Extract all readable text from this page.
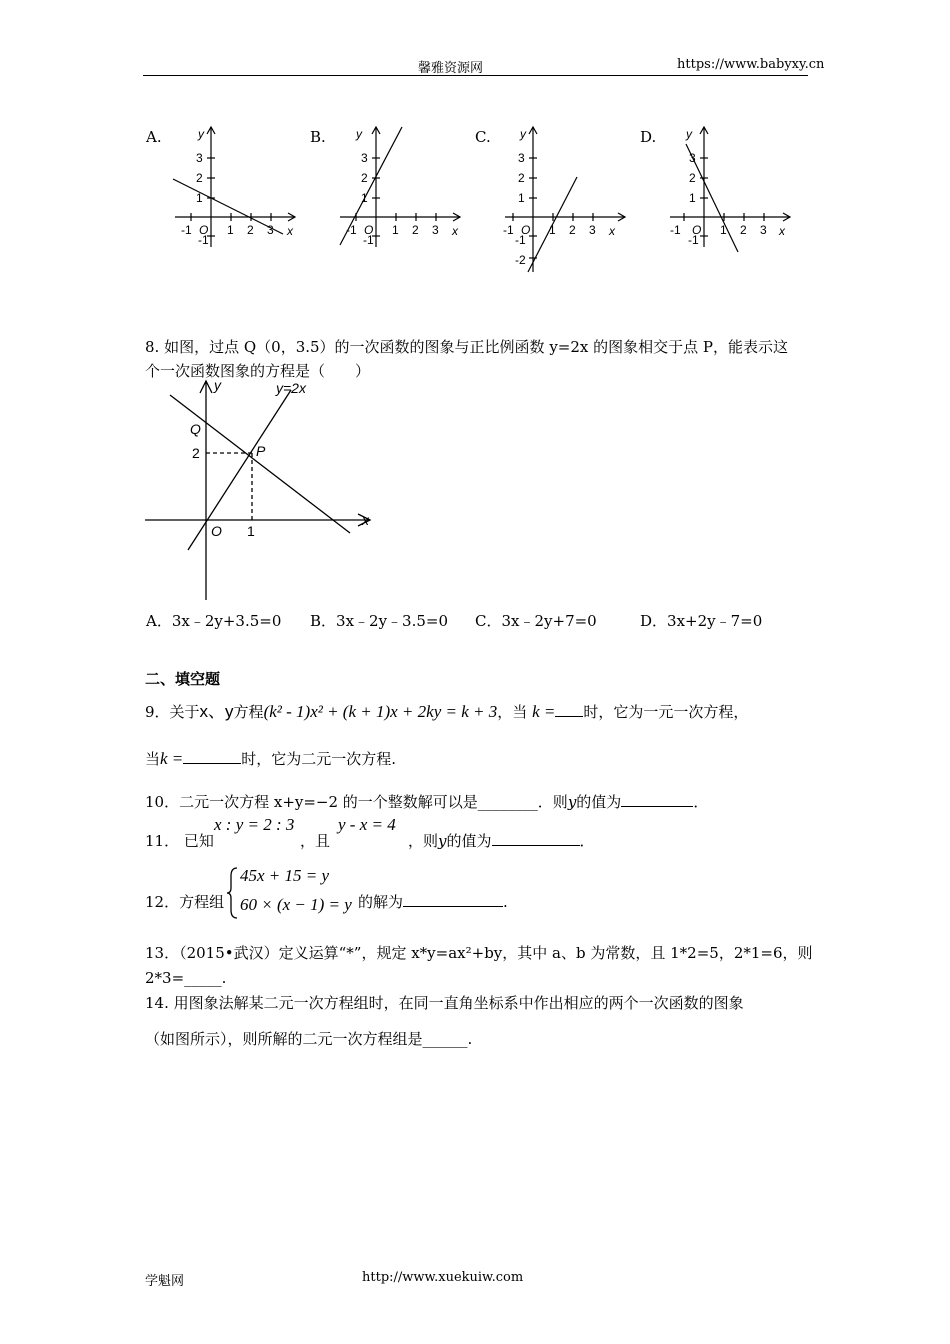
馨雅资源网	https://www.babyxy.cn
A.	B.	C.	D.
y
x
3
2
1
-1 O 1 2 3
-1
y
x
3
2
1
-1 O 1 2 3
-1
y
x
3
2
1
-1 O 1 2 3
-1
-2
y
x
3
2
1
-1 O 1 2 3
-1
8. 如图，过点 Q（0，3.5）的一次函数的图象与正比例函数 y=2x 的图象相交于点 P，能表示这
个一次函数图象的方程是（　　）
y
x
y=2x
Q
P
2
O 1
A．3x﹣2y+3.5=0 B．3x﹣2y﹣3.5=0 C．3x﹣2y+7=0	D．3x+2y﹣7=0
二、填空题
9．关于x、y方程(k² - 1)x² + (k + 1)x + 2ky = k + 3，当 k = 时，它为一元一次方程，
当k =	时，它为二元一次方程.
10．二元一次方程 x+y=−2 的一个整数解可以是________．则y的值为	．
11． 已知
x : y = 2 : 3
，且
y - x = 4
，则y的值为	．
12．方程组
45x + 15 = y
60 × (x − 1) = y 的解为	.
13．（2015•武汉）定义运算“*”，规定 x*y=ax²+by，其中 a、b 为常数，且 1*2=5，2*1=6，则
2*3=_____.
14. 用图象法解某二元一次方程组时，在同一直角坐标系中作出相应的两个一次函数的图象
（如图所示），则所解的二元一次方程组是______.
学魁网	http://www.xuekuiw.com
